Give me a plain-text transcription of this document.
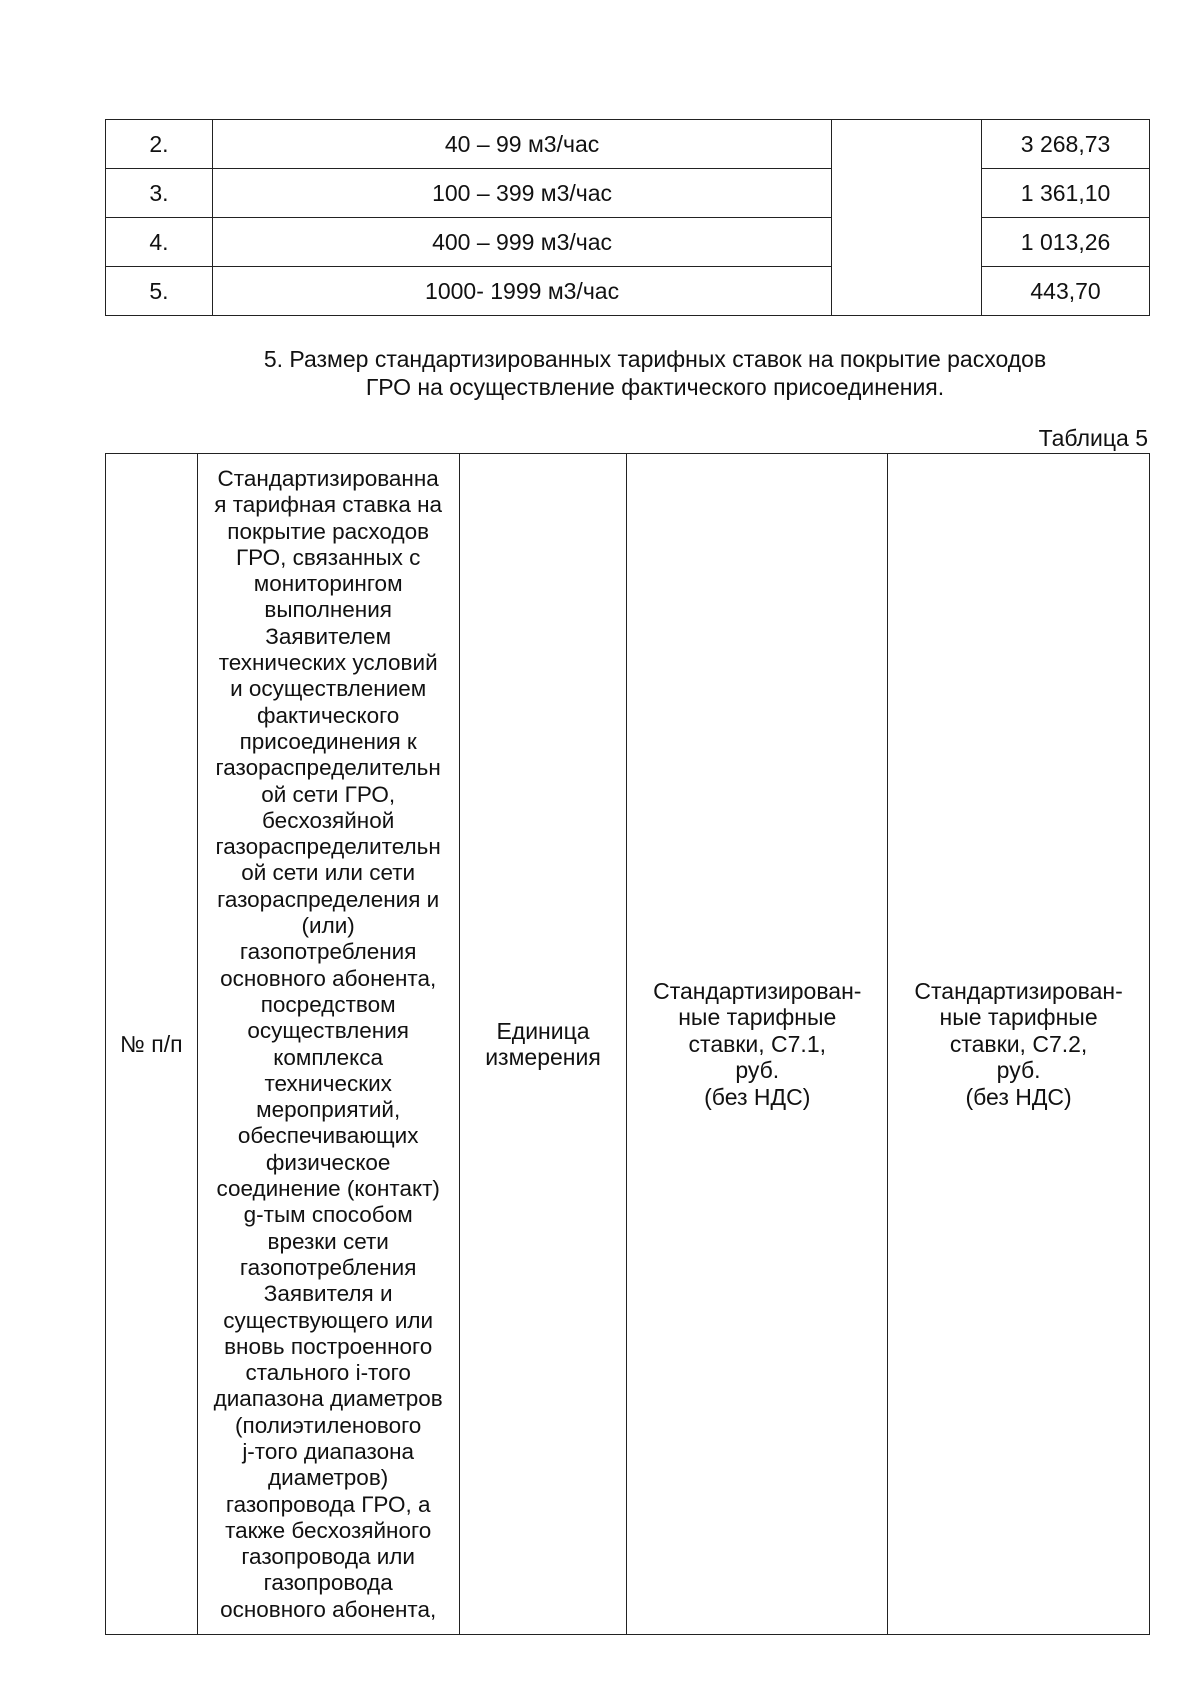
2.	40 – 99 м3/час		3 268,73
3.	100 – 399 м3/час		1 361,10
4.	400 – 999 м3/час		1 013,26
5.	1000- 1999 м3/час		443,70
5. Размер стандартизированных тарифных ставок на покрытие расходов
ГРО на осуществление фактического присоединения.
Таблица 5
№ п/п	Стандартизированна
я тарифная ставка на
покрытие расходов
ГРО, связанных с
мониторингом
выполнения
Заявителем
технических условий
и осуществлением
фактического
присоединения к
газораспределительн
ой сети ГРО,
бесхозяйной
газораспределительн
ой сети или сети
газораспределения и
(или)
газопотребления
основного абонента,
посредством
осуществления
комплекса
технических
мероприятий,
обеспечивающих
физическое
соединение (контакт)
g-тым способом
врезки сети
газопотребления
Заявителя и
существующего или
вновь построенного
стального i-того
диапазона диаметров
(полиэтиленового
j-того диапазона
диаметров)
газопровода ГРО, а
также бесхозяйного
газопровода или
газопровода
основного абонента,	Единица
измерения	Стандартизирован-
ные тарифные
ставки, С7.1,
руб.
(без НДС)	Стандартизирован-
ные тарифные
ставки, С7.2,
руб.
(без НДС)
